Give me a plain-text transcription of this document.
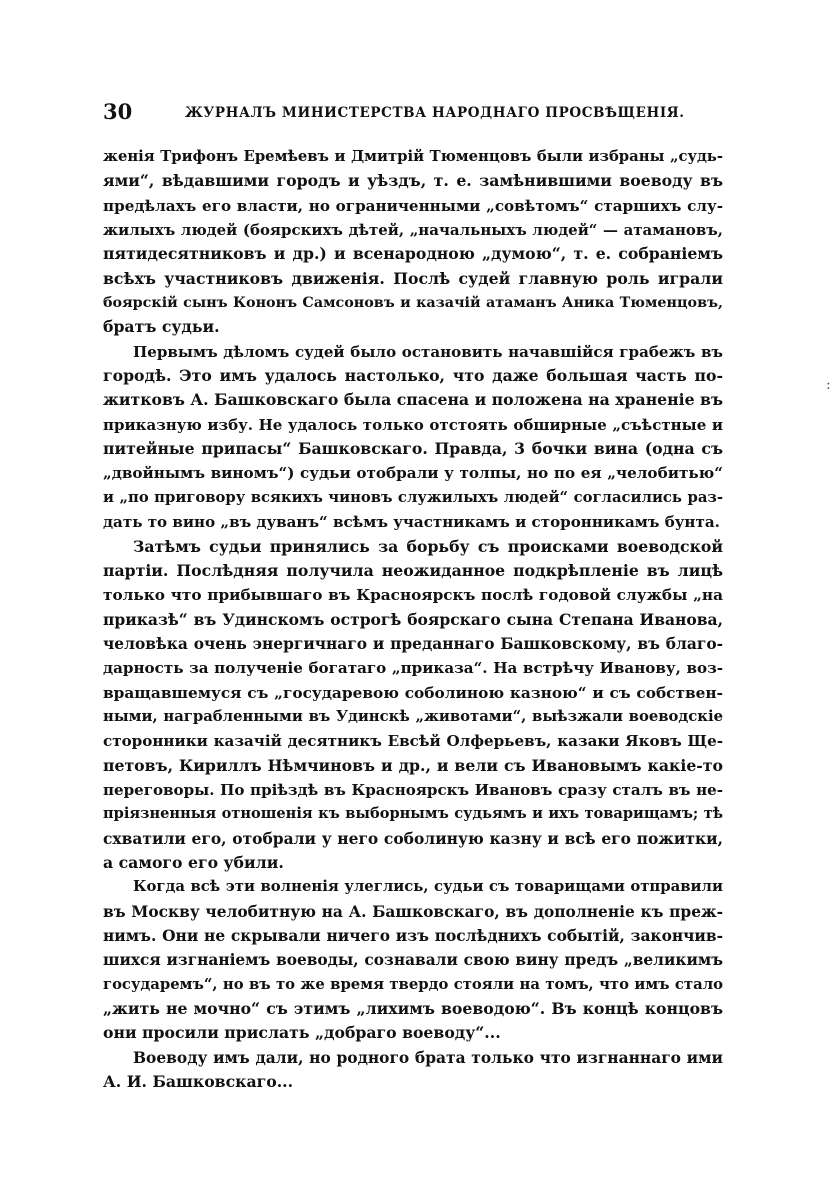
30	ЖУРНАЛЪ МИНИСТЕРСТВА НАРОДНАГО ПРОСВѢЩЕНІЯ.
:
женія Трифонъ Еремѣевъ и Дмитрій Тюменцовъ были избраны „судь-
ями“, вѣдавшими городъ и уѣздъ, т. е. замѣнившими воеводу въ
предѣлахъ его власти, но ограниченными „совѣтомъ“ старшихъ слу-
жилыхъ людей (боярскихъ дѣтей, „начальныхъ людей“ — атамановъ,
пятидесятниковъ и др.) и всенародною „думою“, т. е. собраніемъ
всѣхъ участниковъ движенія. Послѣ судей главную роль играли
боярскій сынъ Кононъ Самсоновъ и казачій атаманъ Аника Тюменцовъ,
братъ судьи.
Первымъ дѣломъ судей было остановить начавшійся грабежъ въ
городѣ. Это имъ удалось настолько, что даже большая часть по-
житковъ А. Башковскаго была спасена и положена на храненіе въ
приказную избу. Не удалось только отстоять обширные „съѣстные и
питейные припасы“ Башковскаго. Правда, 3 бочки вина (одна съ
„двойнымъ виномъ“) судьи отобрали у толпы, но по ея „челобитью“
и „по приговору всякихъ чиновъ служилыхъ людей“ согласились раз-
дать то вино „въ дуванъ“ всѣмъ участникамъ и сторонникамъ бунта.
Затѣмъ судьи принялись за борьбу съ происками воеводской
партіи. Послѣдняя получила неожиданное подкрѣпленіе въ лицѣ
только что прибывшаго въ Красноярскъ послѣ годовой службы „на
приказѣ“ въ Удинскомъ острогѣ боярскаго сына Степана Иванова,
человѣка очень энергичнаго и преданнаго Башковскому, въ благо-
дарность за полученіе богатаго „приказа“. На встрѣчу Иванову, воз-
вращавшемуся съ „государевою соболиною казною“ и съ собствен-
ными, награбленными въ Удинскѣ „животами“, выѣзжали воеводскіе
сторонники казачій десятникъ Евсѣй Олферьевъ, казаки Яковъ Ще-
петовъ, Кириллъ Нѣмчиновъ и др., и вели съ Ивановымъ какіе-то
переговоры. По пріѣздѣ въ Красноярскъ Ивановъ сразу сталъ въ не-
пріязненныя отношенія къ выборнымъ судьямъ и ихъ товарищамъ; тѣ
схватили его, отобрали у него соболиную казну и всѣ его пожитки,
а самого его убили.
Когда всѣ эти волненія улеглись, судьи съ товарищами отправили
въ Москву челобитную на А. Башковскаго, въ дополненіе къ преж-
нимъ. Они не скрывали ничего изъ послѣднихъ событій, закончив-
шихся изгнаніемъ воеводы, сознавали свою вину предъ „великимъ
государемъ“, но въ то же время твердо стояли на томъ, что имъ стало
„жить не мочно“ съ этимъ „лихимъ воеводою“. Въ концѣ концовъ
они просили прислать „добраго воеводу“...
Воеводу имъ дали, но родного брата только что изгнаннаго ими
А. И. Башковскаго...
